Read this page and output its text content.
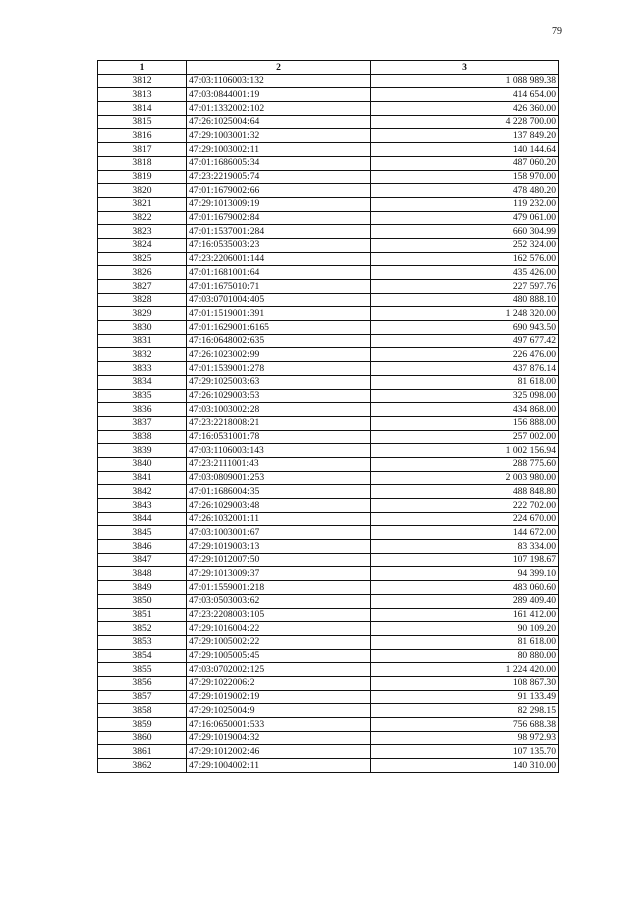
79
1	2	3
3812	47:03:1106003:132	1 088 989.38
3813	47:03:0844001:19	414 654.00
3814	47:01:1332002:102	426 360.00
3815	47:26:1025004:64	4 228 700.00
3816	47:29:1003001:32	137 849.20
3817	47:29:1003002:11	140 144.64
3818	47:01:1686005:34	487 060.20
3819	47:23:2219005:74	158 970.00
3820	47:01:1679002:66	478 480.20
3821	47:29:1013009:19	119 232.00
3822	47:01:1679002:84	479 061.00
3823	47:01:1537001:284	660 304.99
3824	47:16:0535003:23	252 324.00
3825	47:23:2206001:144	162 576.00
3826	47:01:1681001:64	435 426.00
3827	47:01:1675010:71	227 597.76
3828	47:03:0701004:405	480 888.10
3829	47:01:1519001:391	1 248 320.00
3830	47:01:1629001:6165	690 943.50
3831	47:16:0648002:635	497 677.42
3832	47:26:1023002:99	226 476.00
3833	47:01:1539001:278	437 876.14
3834	47:29:1025003:63	81 618.00
3835	47:26:1029003:53	325 098.00
3836	47:03:1003002:28	434 868.00
3837	47:23:2218008:21	156 888.00
3838	47:16:0531001:78	257 002.00
3839	47:03:1106003:143	1 002 156.94
3840	47:23:2111001:43	288 775.60
3841	47:03:0809001:253	2 003 980.00
3842	47:01:1686004:35	488 848.80
3843	47:26:1029003:48	222 702.00
3844	47:26:1032001:11	224 670.00
3845	47:03:1003001:67	144 672.00
3846	47:29:1019003:13	83 334.00
3847	47:29:1012007:50	107 198.67
3848	47:29:1013009:37	94 399.10
3849	47:01:1559001:218	483 060.60
3850	47:03:0503003:62	289 409.40
3851	47:23:2208003:105	161 412.00
3852	47:29:1016004:22	90 109.20
3853	47:29:1005002:22	81 618.00
3854	47:29:1005005:45	80 880.00
3855	47:03:0702002:125	1 224 420.00
3856	47:29:1022006:2	108 867.30
3857	47:29:1019002:19	91 133.49
3858	47:29:1025004:9	82 298.15
3859	47:16:0650001:533	756 688.38
3860	47:29:1019004:32	98 972.93
3861	47:29:1012002:46	107 135.70
3862	47:29:1004002:11	140 310.00
